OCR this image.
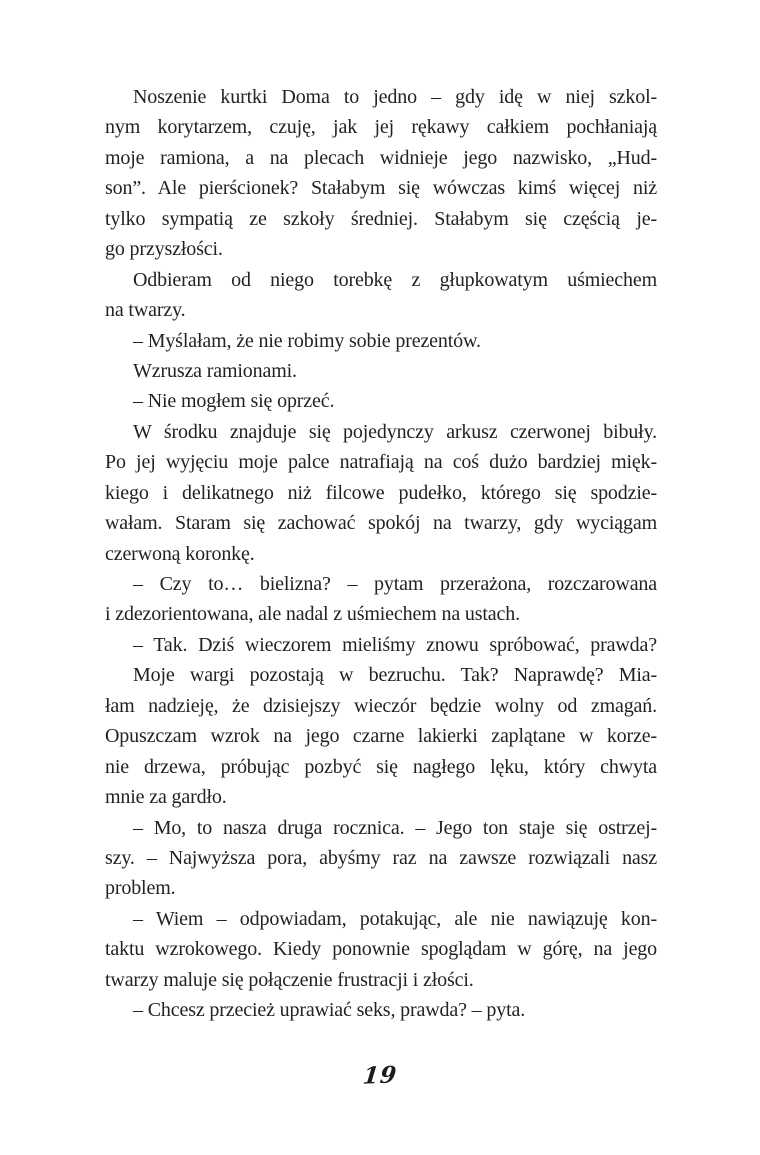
Noszenie kurtki Doma to jedno – gdy idę w niej szkol-
nym korytarzem, czuję, jak jej rękawy całkiem pochłaniają
moje ramiona, a na plecach widnieje jego nazwisko, „Hud-
son”. Ale pierścionek? Stałabym się wówczas kimś więcej niż
tylko sympatią ze szkoły średniej. Stałabym się częścią je-
go przyszłości.
Odbieram od niego torebkę z głupkowatym uśmiechem
na twarzy.
– Myślałam, że nie robimy sobie prezentów.
Wzrusza ramionami.
– Nie mogłem się oprzeć.
W środku znajduje się pojedynczy arkusz czerwonej bibuły.
Po jej wyjęciu moje palce natrafiają na coś dużo bardziej mięk-
kiego i delikatnego niż filcowe pudełko, którego się spodzie-
wałam. Staram się zachować spokój na twarzy, gdy wyciągam
czerwoną koronkę.
– Czy to… bielizna? – pytam przerażona, rozczarowana
i zdezorientowana, ale nadal z uśmiechem na ustach.
– Tak. Dziś wieczorem mieliśmy znowu spróbować, prawda?
Moje wargi pozostają w bezruchu. Tak? Naprawdę? Mia-
łam nadzieję, że dzisiejszy wieczór będzie wolny od zmagań.
Opuszczam wzrok na jego czarne lakierki zaplątane w korze-
nie drzewa, próbując pozbyć się nagłego lęku, który chwyta
mnie za gardło.
– Mo, to nasza druga rocznica. – Jego ton staje się ostrzej-
szy. – Najwyższa pora, abyśmy raz na zawsze rozwiązali nasz
problem.
– Wiem – odpowiadam, potakując, ale nie nawiązuję kon-
taktu wzrokowego. Kiedy ponownie spoglądam w górę, na jego
twarzy maluje się połączenie frustracji i złości.
– Chcesz przecież uprawiać seks, prawda? – pyta.
19
